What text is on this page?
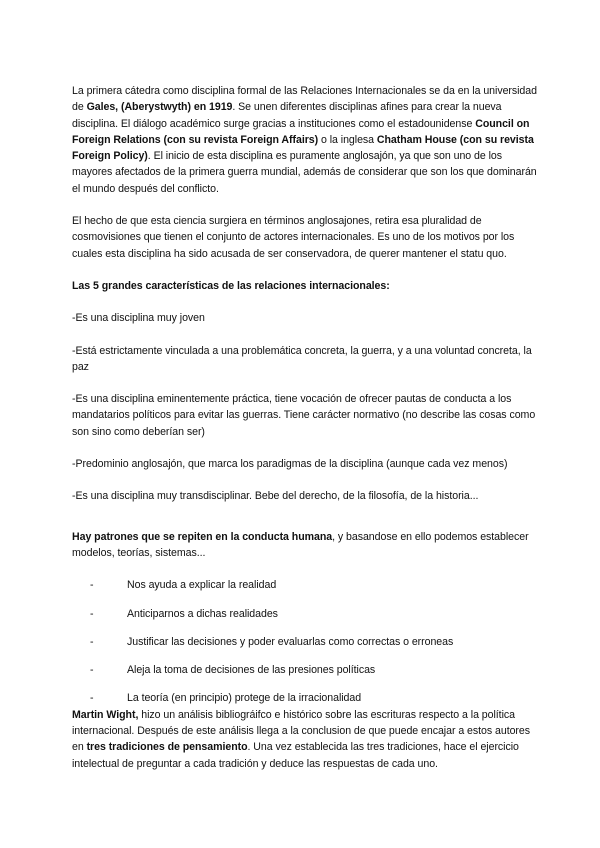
La primera cátedra como disciplina formal de las Relaciones Internacionales se da en la universidad de Gales, (Aberystwyth) en 1919. Se unen diferentes disciplinas afines para crear la nueva disciplina. El diálogo académico surge gracias a instituciones como el estadounidense Council on Foreign Relations (con su revista Foreign Affairs) o la inglesa Chatham House (con su revista Foreign Policy). El inicio de esta disciplina es puramente anglosajón, ya que son uno de los mayores afectados de la primera guerra mundial, además de considerar que son los que dominarán el mundo después del conflicto.

El hecho de que esta ciencia surgiera en términos anglosajones, retira esa pluralidad de cosmovisiones que tienen el conjunto de actores internacionales. Es uno de los motivos por los cuales esta disciplina ha sido acusada de ser conservadora, de querer mantener el statu quo.

Las 5 grandes características de las relaciones internacionales:

-Es una disciplina muy joven

-Está estrictamente vinculada a una problemática concreta, la guerra, y a una voluntad concreta, la paz

-Es una disciplina eminentemente práctica, tiene vocación de ofrecer pautas de conducta a los mandatarios políticos para evitar las guerras. Tiene carácter normativo (no describe las cosas como son sino como deberían ser)

-Predominio anglosajón, que marca los paradigmas de la disciplina (aunque cada vez menos)

-Es una disciplina muy transdisciplinar. Bebe del derecho, de la filosofía, de la historia...

Hay patrones que se repiten en la conducta humana, y basandose en ello podemos establecer modelos, teorías, sistemas...

-	Nos ayuda a explicar la realidad
-	Anticiparnos a dichas realidades
-	Justificar las decisiones y poder evaluarlas como correctas o erroneas
-	Aleja la toma de decisiones de las presiones políticas
-	La teoría (en principio) protege de la irracionalidad

Martin Wight, hizo un análisis bibliográifco e histórico sobre las escrituras respecto a la política internacional. Después de este análisis llega a la conclusion de que puede encajar a estos autores en tres tradiciones de pensamiento. Una vez establecida las tres tradiciones, hace el ejercicio intelectual de preguntar a cada tradición y deduce las respuestas de cada uno.
